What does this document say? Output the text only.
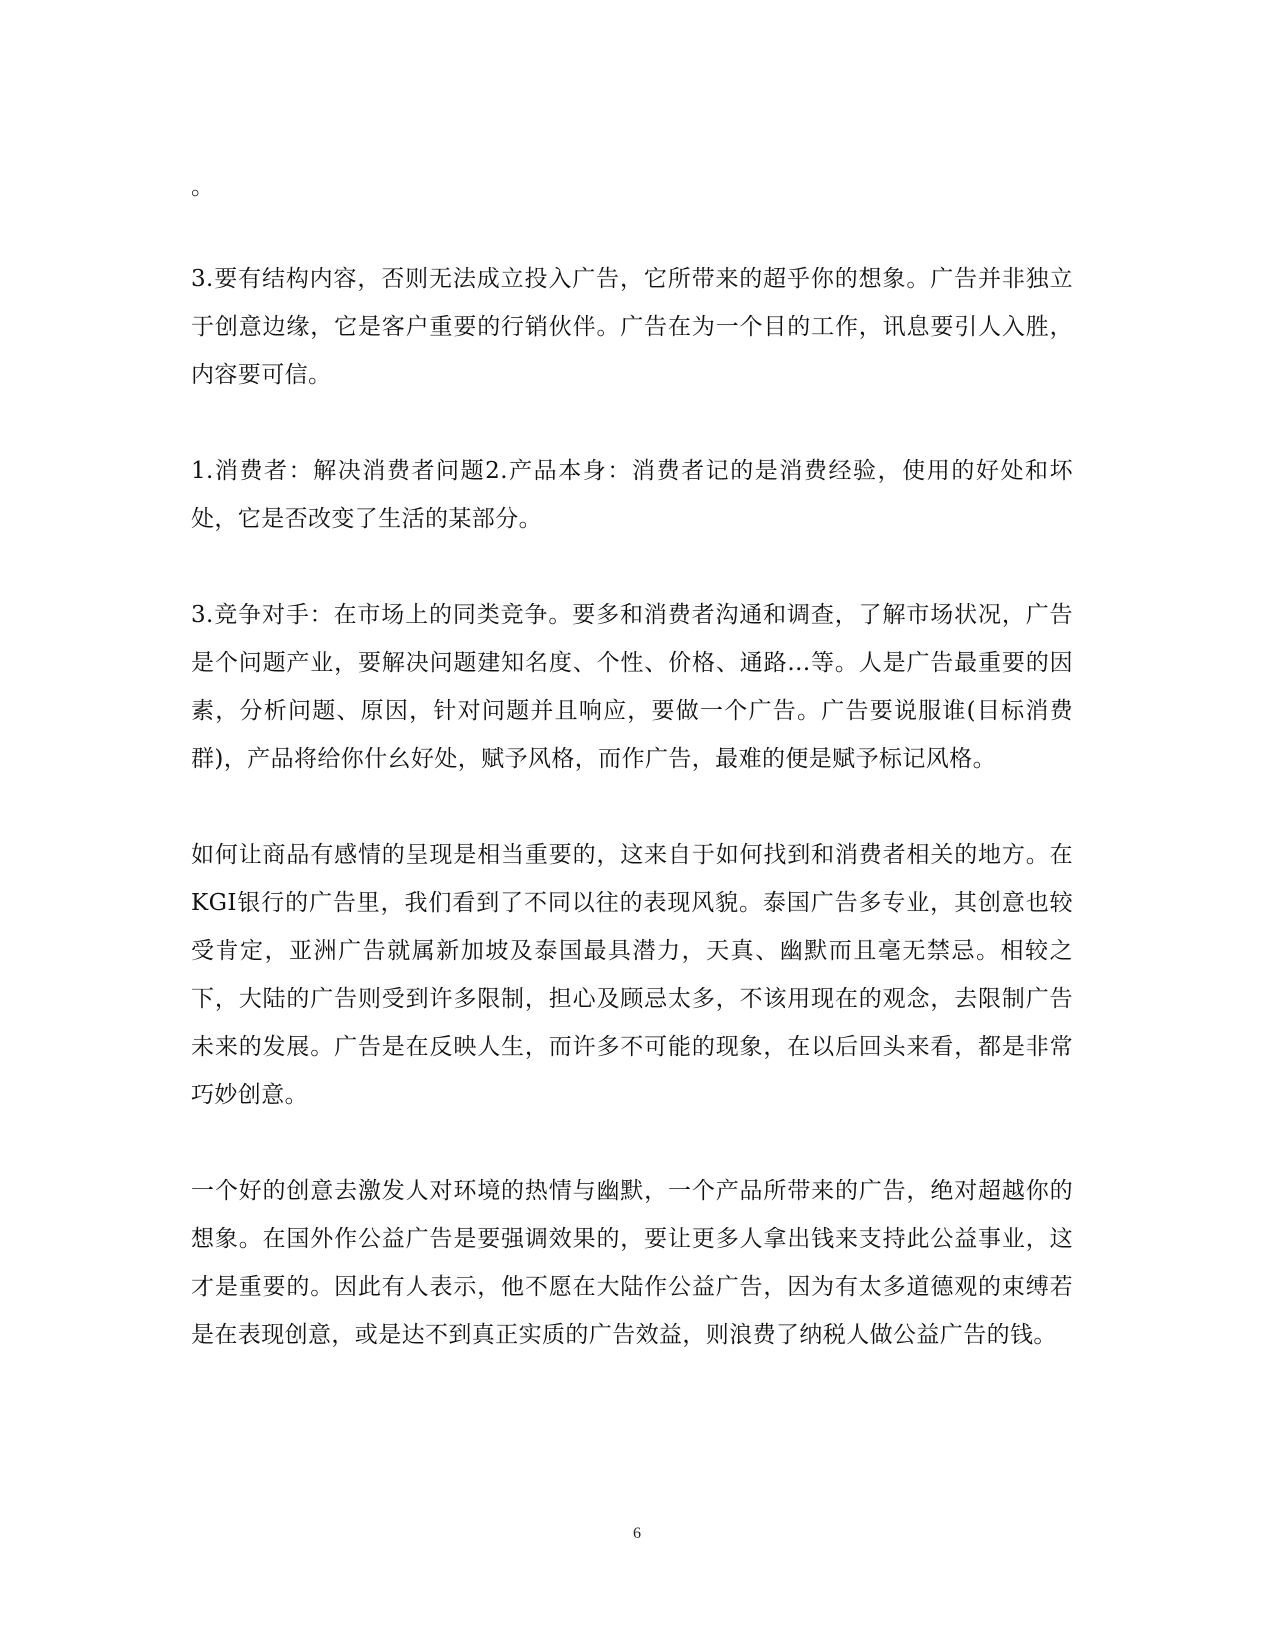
。

3.要有结构内容，否则无法成立投入广告，它所带来的超乎你的想象。广告并非独立于创意边缘，它是客户重要的行销伙伴。广告在为一个目的工作，讯息要引人入胜，内容要可信。

1.消费者：解决消费者问题2.产品本身：消费者记的是消费经验，使用的好处和坏处，它是否改变了生活的某部分。

3.竞争对手：在市场上的同类竞争。要多和消费者沟通和调查，了解市场状况，广告是个问题产业，要解决问题建知名度、个性、价格、通路...等。人是广告最重要的因素，分析问题、原因，针对问题并且响应，要做一个广告。广告要说服谁(目标消费群)，产品将给你什幺好处，赋予风格，而作广告，最难的便是赋予标记风格。

如何让商品有感情的呈现是相当重要的，这来自于如何找到和消费者相关的地方。在KGI银行的广告里，我们看到了不同以往的表现风貌。泰国广告多专业，其创意也较受肯定，亚洲广告就属新加坡及泰国最具潜力，天真、幽默而且毫无禁忌。相较之下，大陆的广告则受到许多限制，担心及顾忌太多，不该用现在的观念，去限制广告未来的发展。广告是在反映人生，而许多不可能的现象，在以后回头来看，都是非常巧妙创意。

一个好的创意去激发人对环境的热情与幽默，一个产品所带来的广告，绝对超越你的想象。在国外作公益广告是要强调效果的，要让更多人拿出钱来支持此公益事业，这才是重要的。因此有人表示，他不愿在大陆作公益广告，因为有太多道德观的束缚若是在表现创意，或是达不到真正实质的广告效益，则浪费了纳税人做公益广告的钱。

6
